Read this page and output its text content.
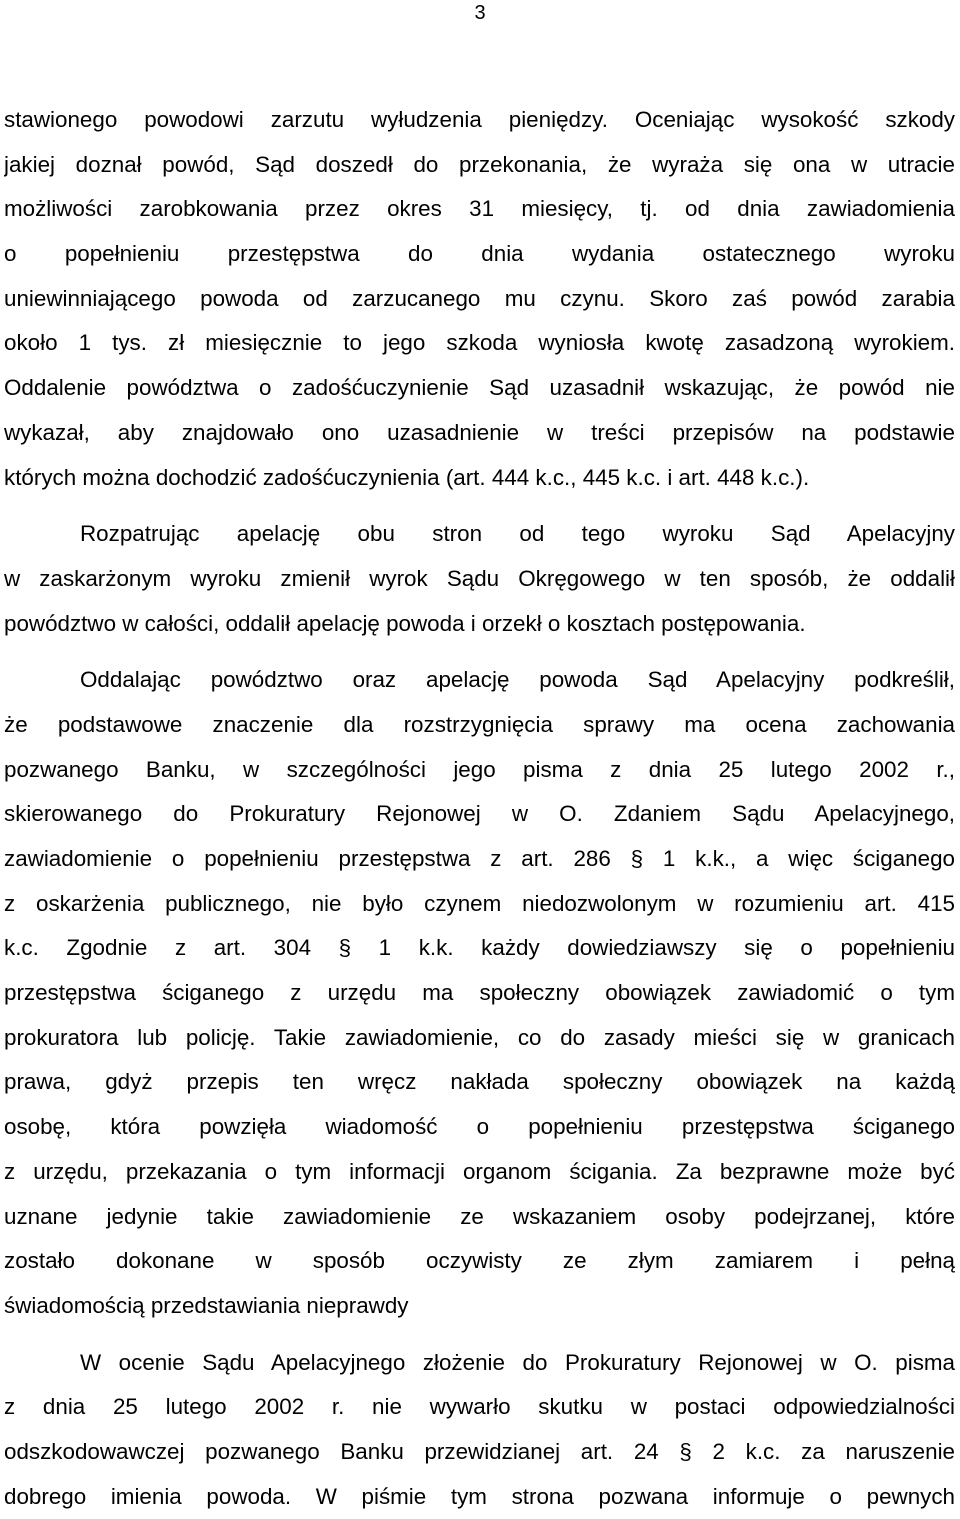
3
stawionego powodowi zarzutu wyłudzenia pieniędzy. Oceniając wysokość szkody
jakiej doznał powód, Sąd doszedł do przekonania, że wyraża się ona w utracie
możliwości zarobkowania przez okres 31 miesięcy, tj. od dnia zawiadomienia
o popełnieniu przestępstwa do dnia wydania ostatecznego wyroku
uniewinniającego powoda od zarzucanego mu czynu. Skoro zaś powód zarabia
około 1 tys. zł miesięcznie to jego szkoda wyniosła kwotę zasadzoną wyrokiem.
Oddalenie powództwa o zadośćuczynienie Sąd uzasadnił wskazując, że powód nie
wykazał, aby znajdowało ono uzasadnienie w treści przepisów na podstawie
których można dochodzić zadośćuczynienia (art. 444 k.c., 445 k.c. i art. 448 k.c.).
Rozpatrując apelację obu stron od tego wyroku Sąd Apelacyjny
w zaskarżonym wyroku zmienił wyrok Sądu Okręgowego w ten sposób, że oddalił
powództwo w całości, oddalił apelację powoda i orzekł o kosztach postępowania.
Oddalając powództwo oraz apelację powoda Sąd Apelacyjny podkreślił,
że podstawowe znaczenie dla rozstrzygnięcia sprawy ma ocena zachowania
pozwanego Banku, w szczególności jego pisma z dnia 25 lutego 2002 r.,
skierowanego do Prokuratury Rejonowej w O. Zdaniem Sądu Apelacyjnego,
zawiadomienie o popełnieniu przestępstwa z art. 286 § 1 k.k., a więc ściganego
z oskarżenia publicznego, nie było czynem niedozwolonym w rozumieniu art. 415
k.c. Zgodnie z art. 304 § 1 k.k. każdy dowiedziawszy się o popełnieniu
przestępstwa ściganego z urzędu ma społeczny obowiązek zawiadomić o tym
prokuratora lub policję. Takie zawiadomienie, co do zasady mieści się w granicach
prawa, gdyż przepis ten wręcz nakłada społeczny obowiązek na każdą
osobę, która powzięła wiadomość o popełnieniu przestępstwa ściganego
z urzędu, przekazania o tym informacji organom ścigania. Za bezprawne może być
uznane jedynie takie zawiadomienie ze wskazaniem osoby podejrzanej, które
zostało dokonane w sposób oczywisty ze złym zamiarem i pełną
świadomością przedstawiania nieprawdy
W ocenie Sądu Apelacyjnego złożenie do Prokuratury Rejonowej w O. pisma
z dnia 25 lutego 2002 r. nie wywarło skutku w postaci odpowiedzialności
odszkodowawczej pozwanego Banku przewidzianej art. 24 § 2 k.c. za naruszenie
dobrego imienia powoda. W piśmie tym strona pozwana informuje o pewnych
